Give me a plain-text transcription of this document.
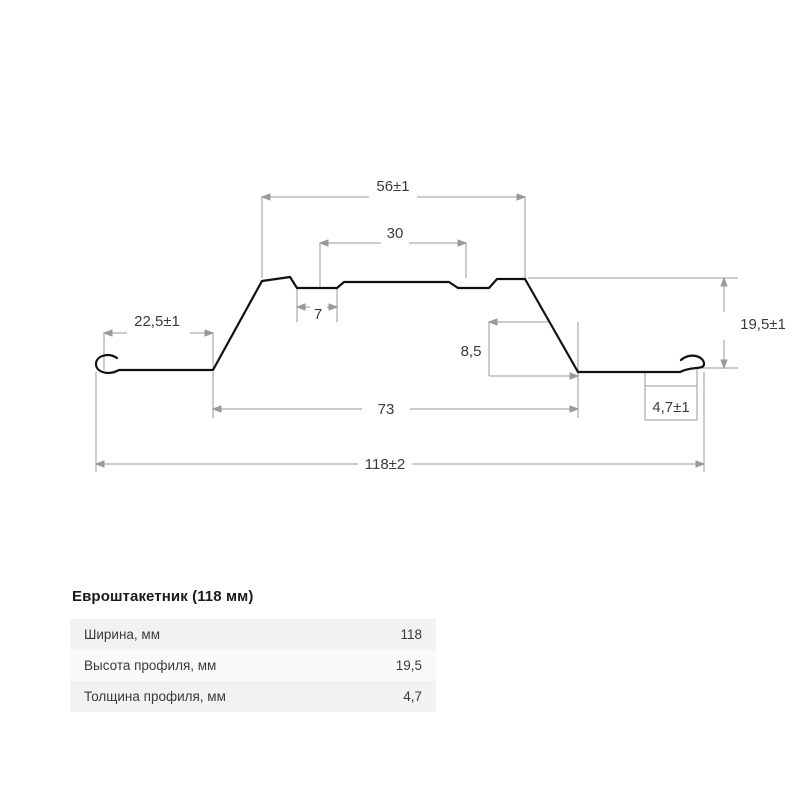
56±1
30
7
22,5±1	19,5±1
8,5
73	4,7±1
118±2
Евроштакетник (118 мм)
Ширина, мм	118
Высота профиля, мм	19,5
Толщина профиля, мм	4,7
